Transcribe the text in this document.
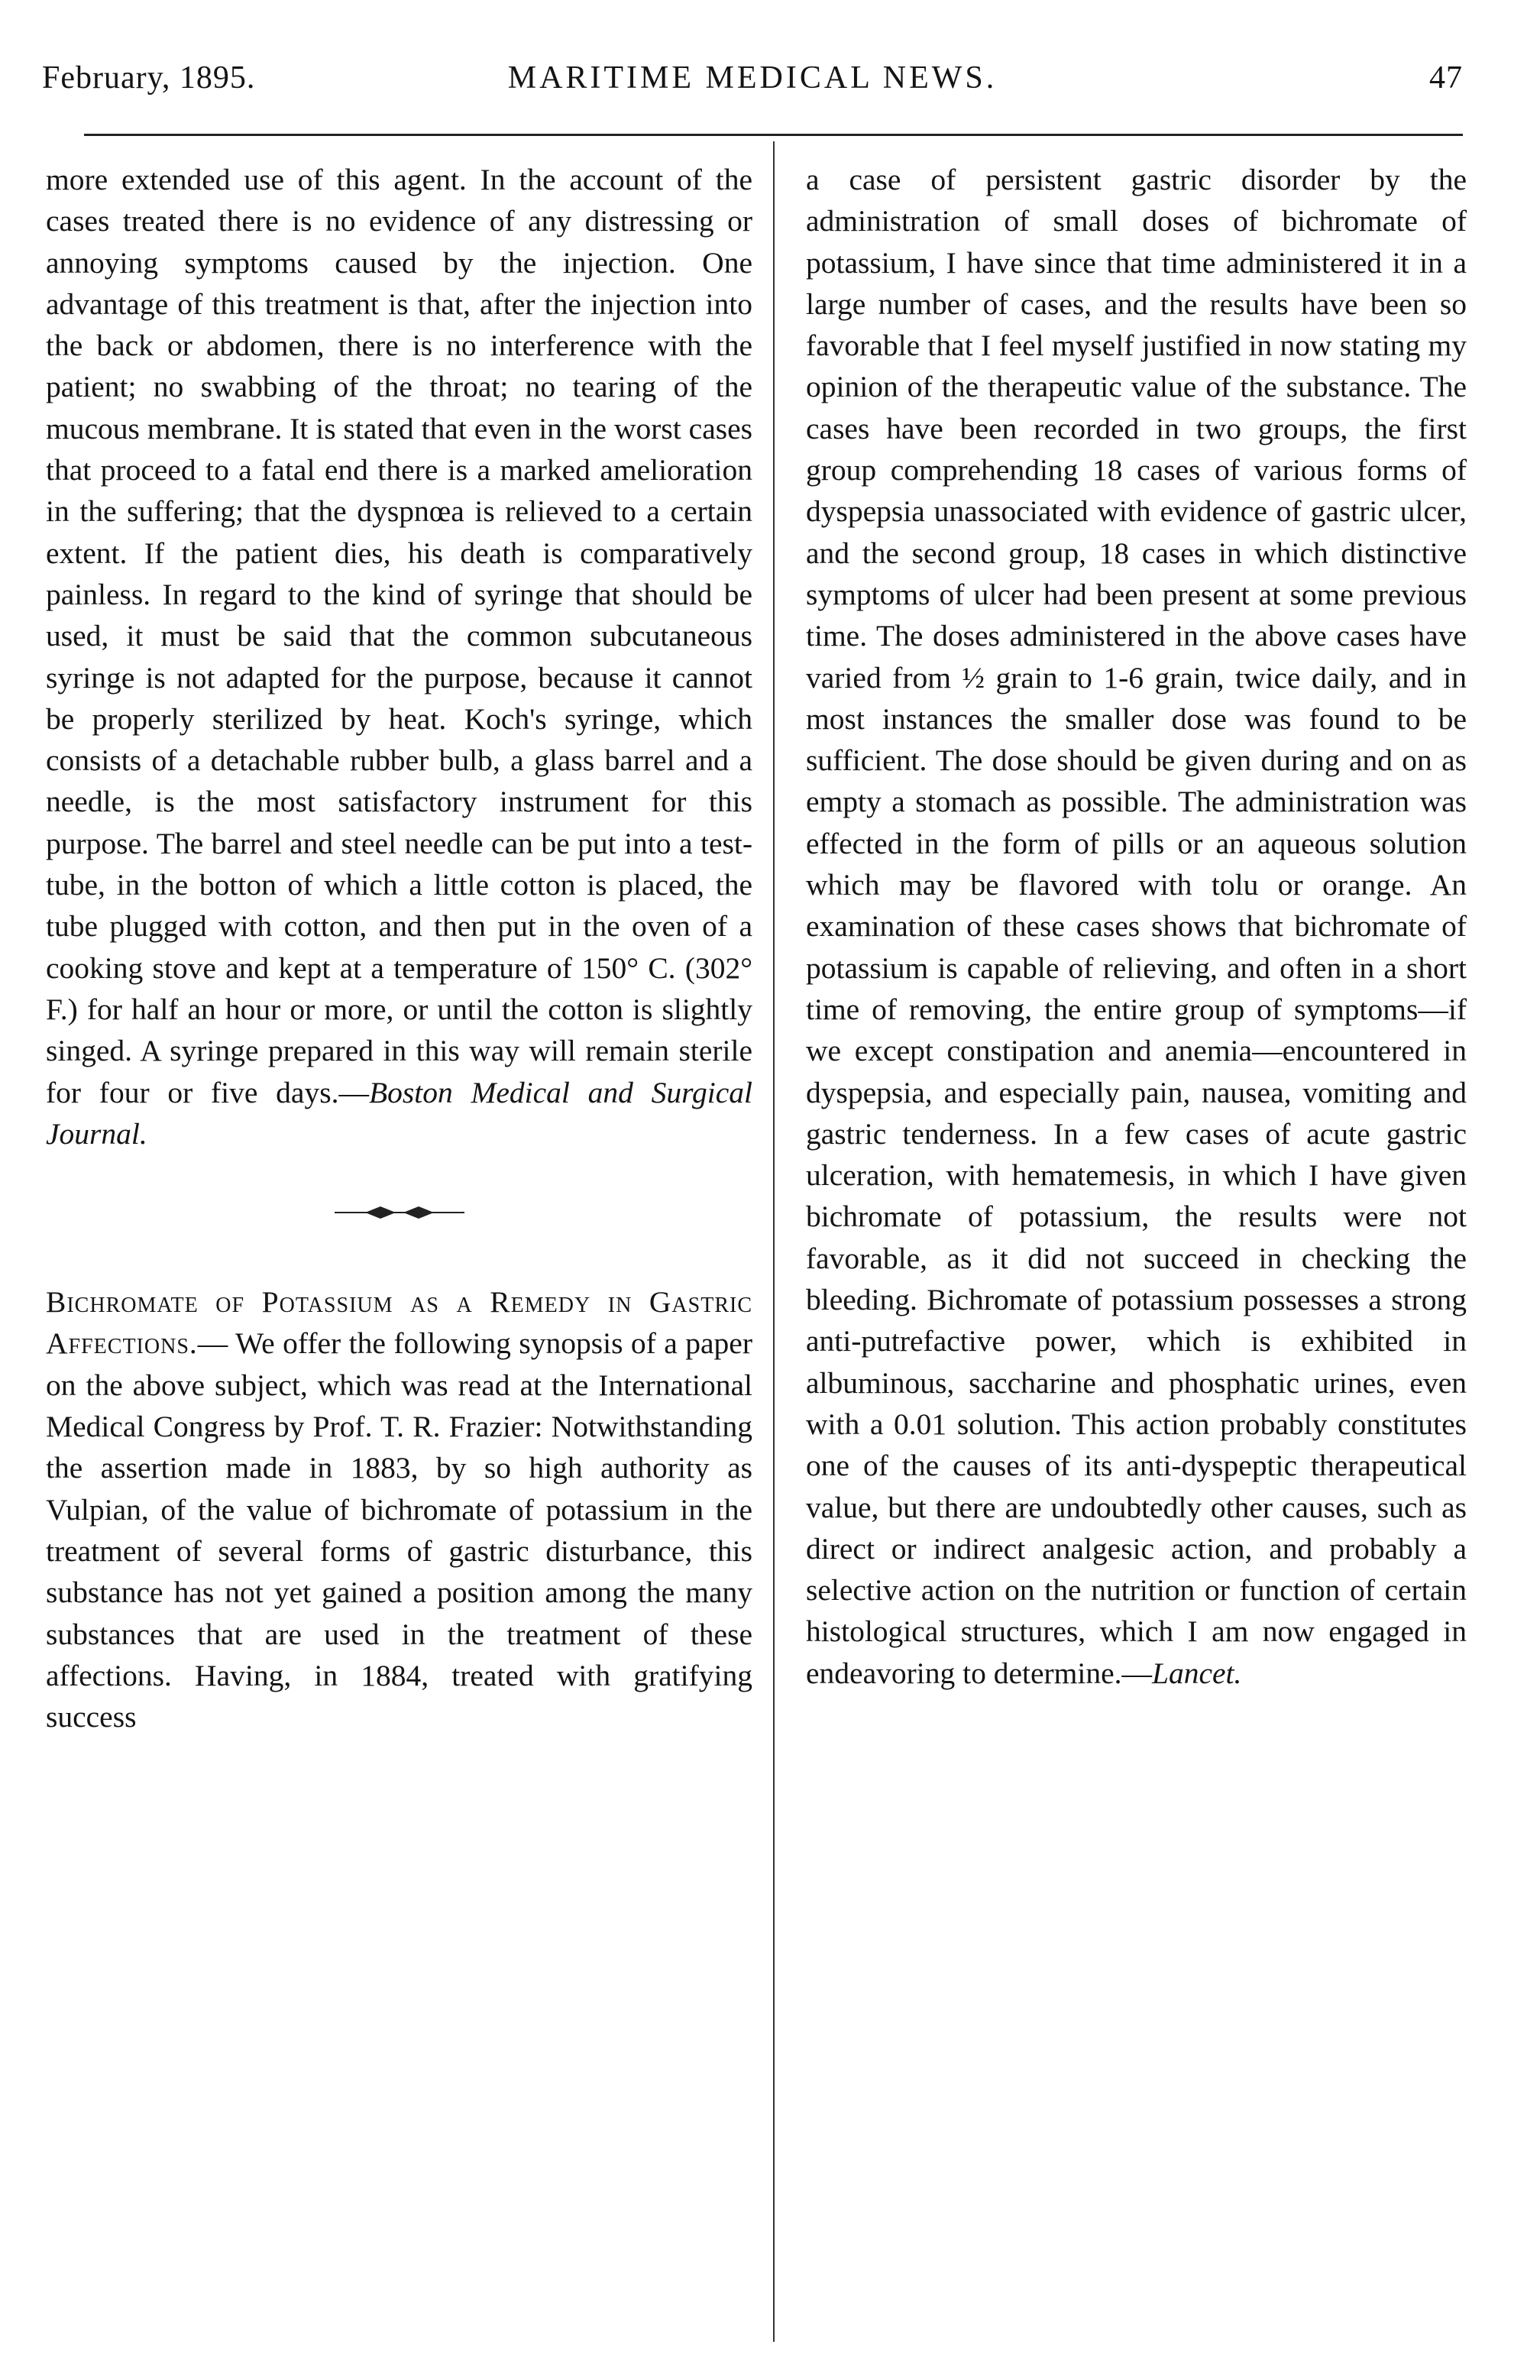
February, 1895.	MARITIME MEDICAL NEWS.	47

more extended use of this agent. In the account of the cases treated there is no evidence of any distressing or annoying symptoms caused by the injection. One advantage of this treatment is that, after the injection into the back or abdomen, there is no interference with the patient; no swabbing of the throat; no tearing of the mucous membrane. It is stated that even in the worst cases that proceed to a fatal end there is a marked amelioration in the suffering; that the dyspnœa is relieved to a certain extent. If the patient dies, his death is comparatively painless. In regard to the kind of syringe that should be used, it must be said that the common subcutaneous syringe is not adapted for the purpose, because it cannot be properly sterilized by heat. Koch's syringe, which consists of a detachable rubber bulb, a glass barrel and a needle, is the most satisfactory instrument for this purpose. The barrel and steel needle can be put into a test-tube, in the botton of which a little cotton is placed, the tube plugged with cotton, and then put in the oven of a cooking stove and kept at a temperature of 150° C. (302° F.) for half an hour or more, or until the cotton is slightly singed. A syringe prepared in this way will remain sterile for four or five days.—Boston Medical and Surgical Journal.

Bichromate of Potassium as a Remedy in Gastric Affections.— We offer the following synopsis of a paper on the above subject, which was read at the International Medical Congress by Prof. T. R. Frazier: Notwithstanding the assertion made in 1883, by so high authority as Vulpian, of the value of bichromate of potassium in the treatment of several forms of gastric disturbance, this substance has not yet gained a position among the many substances that are used in the treatment of these affections. Having, in 1884, treated with gratifying success

a case of persistent gastric disorder by the administration of small doses of bichromate of potassium, I have since that time administered it in a large number of cases, and the results have been so favorable that I feel myself justified in now stating my opinion of the therapeutic value of the substance. The cases have been recorded in two groups, the first group comprehending 18 cases of various forms of dyspepsia unassociated with evidence of gastric ulcer, and the second group, 18 cases in which distinctive symptoms of ulcer had been present at some previous time. The doses administered in the above cases have varied from ½ grain to 1-6 grain, twice daily, and in most instances the smaller dose was found to be sufficient. The dose should be given during and on as empty a stomach as possible. The administration was effected in the form of pills or an aqueous solution which may be flavored with tolu or orange. An examination of these cases shows that bichromate of potassium is capable of relieving, and often in a short time of removing, the entire group of symptoms—if we except constipation and anemia—encountered in dyspepsia, and especially pain, nausea, vomiting and gastric tenderness. In a few cases of acute gastric ulceration, with hematemesis, in which I have given bichromate of potassium, the results were not favorable, as it did not succeed in checking the bleeding. Bichromate of potassium possesses a strong anti-putrefactive power, which is exhibited in albuminous, saccharine and phosphatic urines, even with a 0.01 solution. This action probably constitutes one of the causes of its anti-dyspeptic therapeutical value, but there are undoubtedly other causes, such as direct or indirect analgesic action, and probably a selective action on the nutrition or function of certain histological structures, which I am now engaged in endeavoring to determine.—Lancet.
